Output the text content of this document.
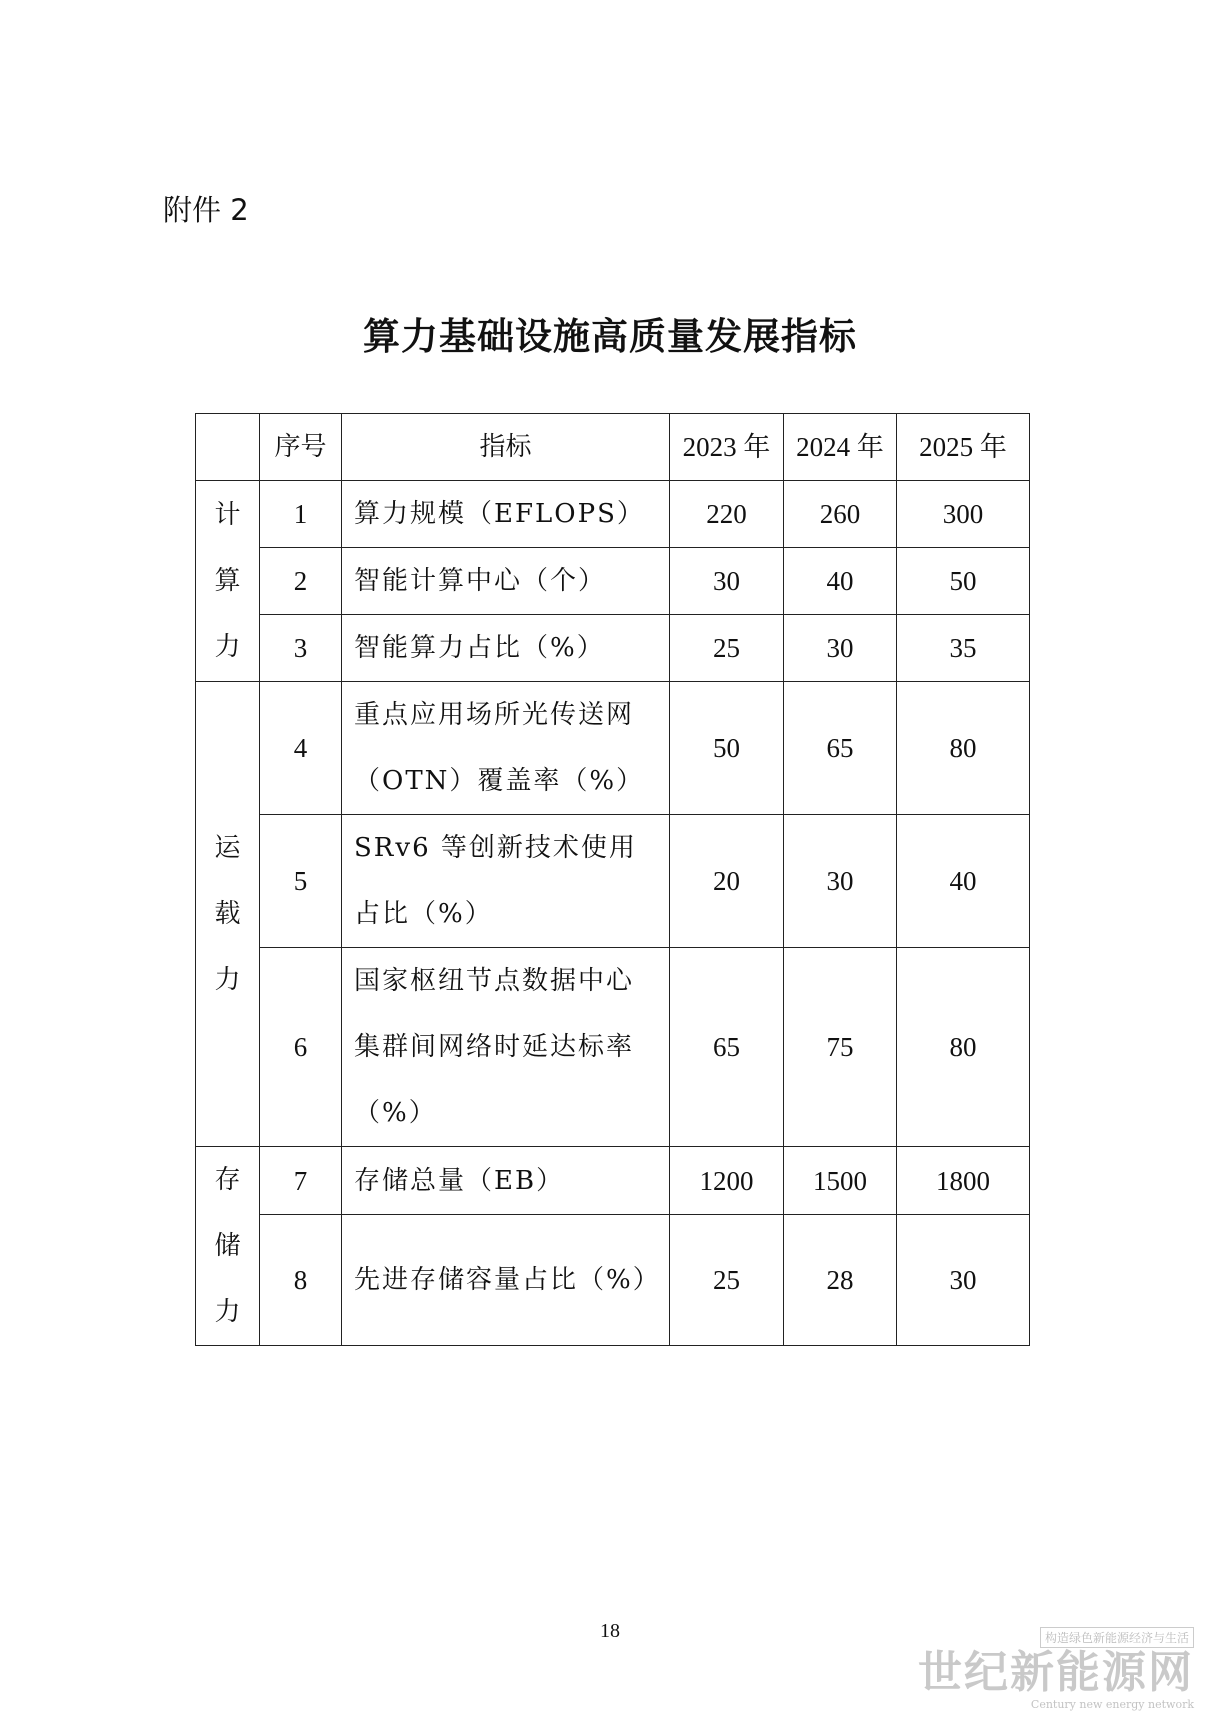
附件 2
算力基础设施高质量发展指标
	序号	指标	2023 年	2024 年	2025 年
计算力	1	算力规模（EFLOPS）	220	260	300
	2	智能计算中心（个）	30	40	50
	3	智能算力占比（%）	25	30	35
运载力	4	重点应用场所光传送网（OTN）覆盖率（%）	50	65	80
	5	SRv6 等创新技术使用占比（%）	20	30	40
	6	国家枢纽节点数据中心集群间网络时延达标率（%）	65	75	80
存储力	7	存储总量（EB）	1200	1500	1800
	8	先进存储容量占比（%）	25	28	30
18	构造绿色新能源经济与生活
世纪新能源网
Century new energy network
